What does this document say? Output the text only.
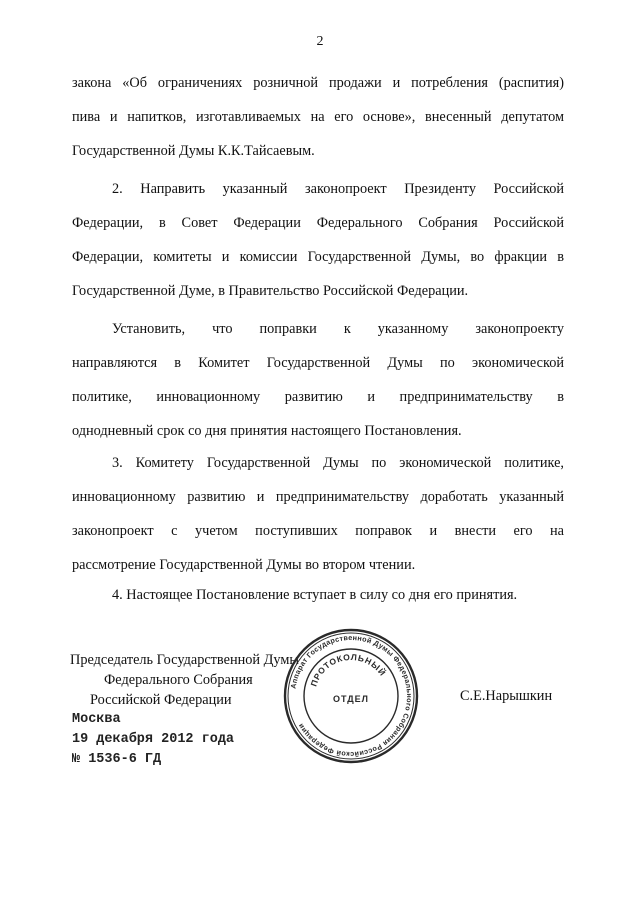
2
закона «Об ограничениях розничной продажи и потребления (распития)
пива и напитков, изготавливаемых на его основе», внесенный депутатом
Государственной Думы К.К.Тайсаевым.
2. Направить указанный законопроект Президенту Российской
Федерации, в Совет Федерации Федерального Собрания Российской
Федерации, комитеты и комиссии Государственной Думы, во фракции в
Государственной Думе, в Правительство Российской Федерации.
Установить, что поправки к указанному законопроекту
направляются в Комитет Государственной Думы по экономической
политике, инновационному развитию и предпринимательству в
однодневный срок со дня принятия настоящего Постановления.
3. Комитету Государственной Думы по экономической политике,
инновационному развитию и предпринимательству доработать указанный
законопроект с учетом поступивших поправок и внести его на
рассмотрение Государственной Думы во втором чтении.
4. Настоящее Постановление вступает в силу со дня его принятия.
Председатель Государственной Думы
Федерального Собрания
Российской Федерации	С.Е.Нарышкин
Аппарат Государственной Думы Федерального Собрания Российской Федерации
ПРОТОКОЛЬНЫЙ
ОТДЕЛ
Москва
19 декабря 2012 года
№ 1536-6 ГД
